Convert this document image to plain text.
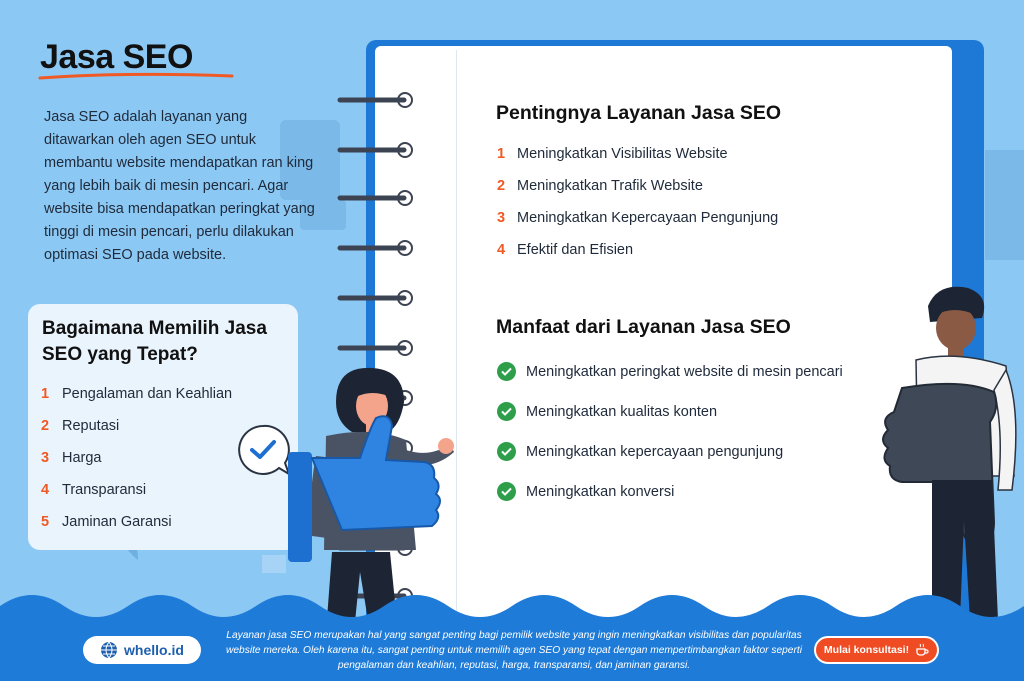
Pentingnya Layanan Jasa SEO
1 Meningkatkan Visibilitas Website
2 Meningkatkan Trafik Website
3 Meningkatkan Kepercayaan Pengunjung
4 Efektif dan Efisien
Manfaat dari Layanan Jasa SEO
Meningkatkan peringkat website di mesin pencari
Meningkatkan kualitas konten
Meningkatkan kepercayaan pengunjung
Meningkatkan konversi
Jasa SEO

Jasa SEO adalah layanan yang ditawarkan oleh agen SEO untuk membantu website mendapatkan ran king yang lebih baik di mesin pencari. Agar website bisa mendapatkan peringkat yang tinggi di mesin pencari, perlu dilakukan optimasi SEO pada website.

Bagaimana Memilih Jasa SEO yang Tepat?
1 Pengalaman dan Keahlian
2 Reputasi
3 Harga
4 Transparansi
5 Jaminan Garansi
whello.id

Layanan jasa SEO merupakan hal yang sangat penting bagi pemilik website yang ingin meningkatkan visibilitas dan popularitas website mereka. Oleh karena itu, sangat penting untuk memilih agen SEO yang tepat dengan mempertimbangkan faktor seperti pengalaman dan keahlian, reputasi, harga, transparansi, dan jaminan garansi.

Mulai konsultasi!
